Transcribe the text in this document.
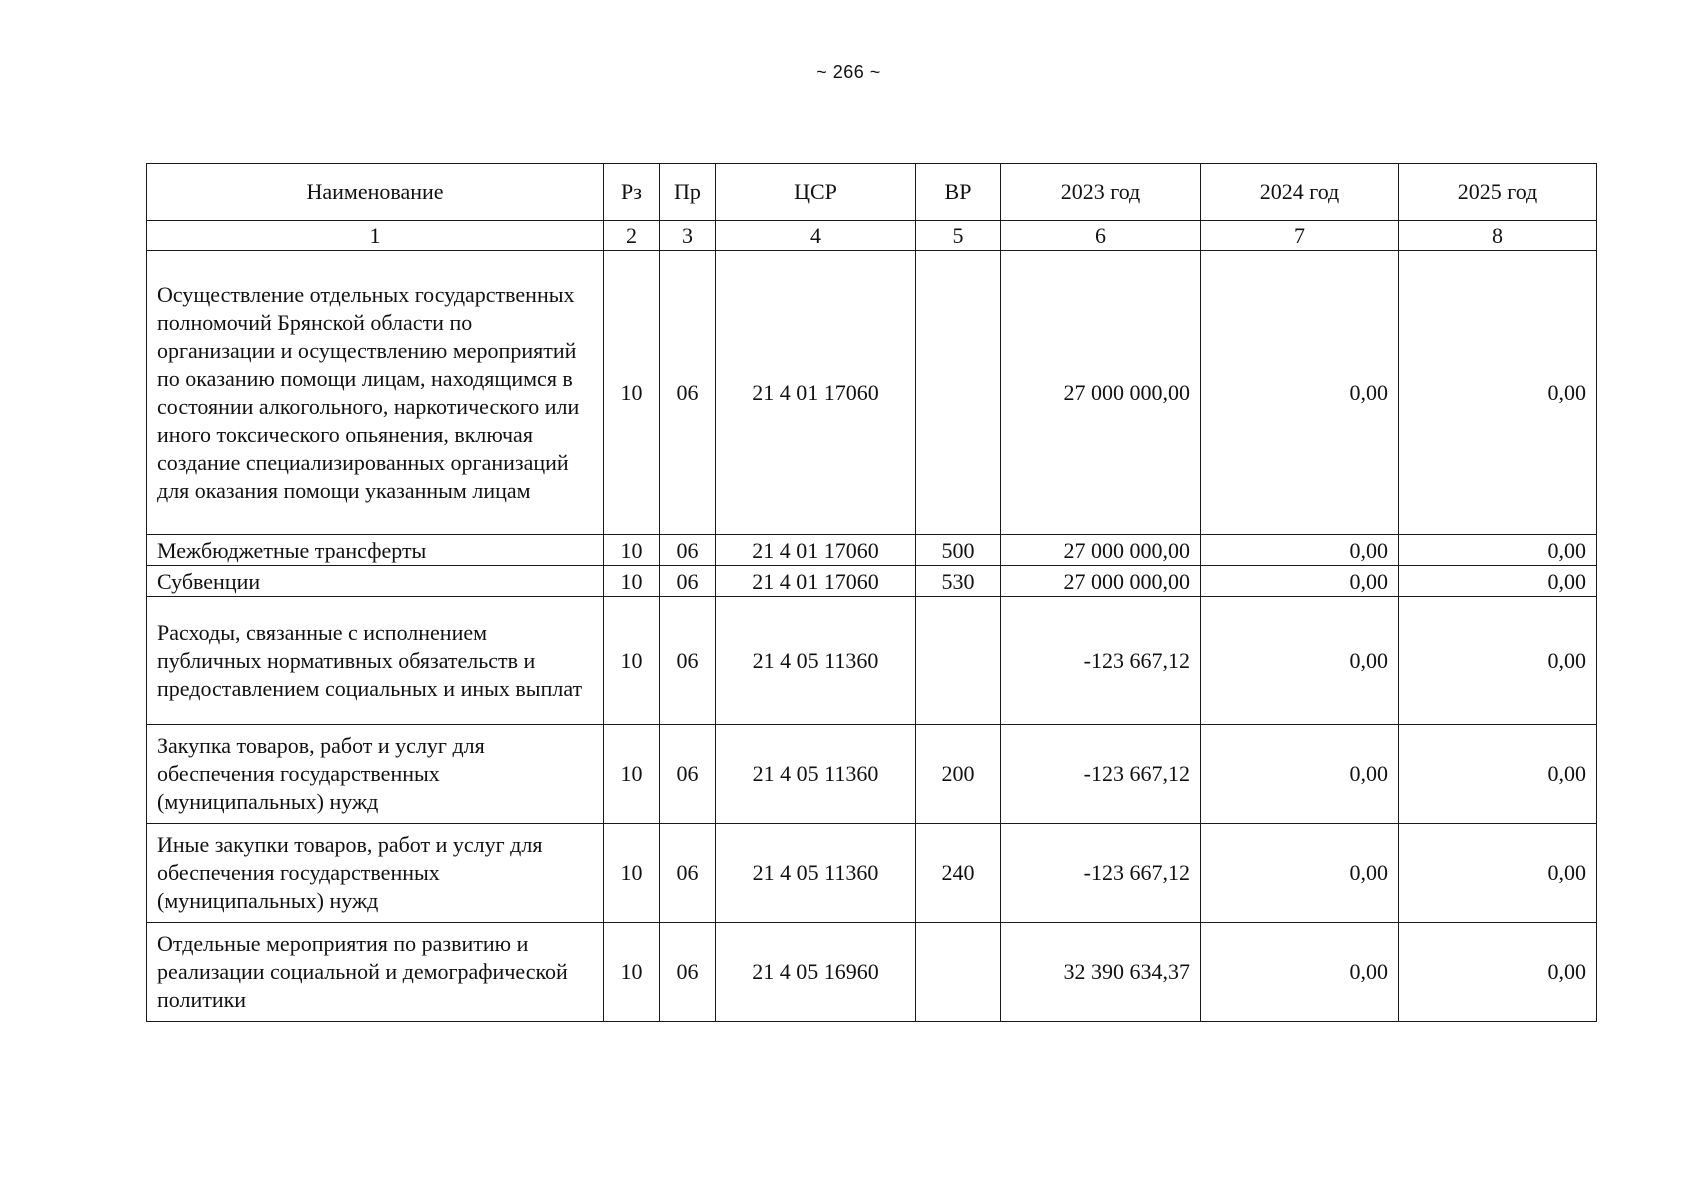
~ 266 ~
Наименование	Рз	Пр	ЦСР	ВР	2023 год	2024 год	2025 год
1	2	3	4	5	6	7	8
Осуществление отдельных государственных полномочий Брянской области по организации и осуществлению мероприятий по оказанию помощи лицам, находящимся в состоянии алкогольного, наркотического или иного токсического опьянения, включая создание специализированных организаций для оказания помощи указанным лицам	10	06	21 4 01 17060		27 000 000,00	0,00	0,00
Межбюджетные трансферты	10	06	21 4 01 17060	500	27 000 000,00	0,00	0,00
Субвенции	10	06	21 4 01 17060	530	27 000 000,00	0,00	0,00
Расходы, связанные с исполнением публичных нормативных обязательств и предоставлением социальных и иных выплат	10	06	21 4 05 11360		-123 667,12	0,00	0,00
Закупка товаров, работ и услуг для обеспечения государственных (муниципальных) нужд	10	06	21 4 05 11360	200	-123 667,12	0,00	0,00
Иные закупки товаров, работ и услуг для обеспечения государственных (муниципальных) нужд	10	06	21 4 05 11360	240	-123 667,12	0,00	0,00
Отдельные мероприятия по развитию и реализации социальной и демографической политики	10	06	21 4 05 16960		32 390 634,37	0,00	0,00
